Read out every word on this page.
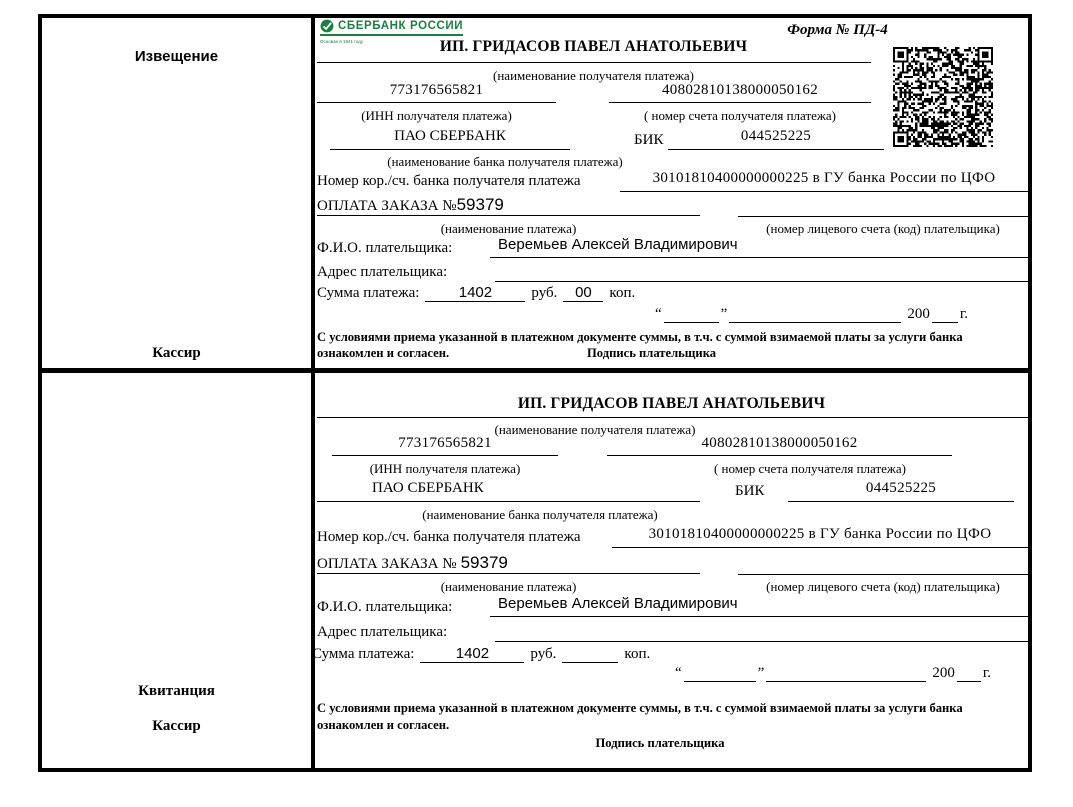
Извещение
Кассир
СБЕРБАНК РОССИИ
Основан в 1841 году
Форма № ПД-4
ИП. ГРИДАСОВ ПАВЕЛ АНАТОЛЬЕВИЧ
(наименование получателя платежа)
773176565821	40802810138000050162
(ИНН получателя платежа)	( номер счета получателя платежа)
ПАО СБЕРБАНК	БИК	044525225
(наименование банка получателя платежа)
Номер кор./сч. банка получателя платежа	30101810400000000225 в ГУ банка России по ЦФО
ОПЛАТА ЗАКАЗА №59379
(наименование платежа)	(номер лицевого счета (код) плательщика)
Ф.И.О. плательщика:	Веремьев Алексей Владимирович
Адрес плательщика:
Сумма платежа:	1402	руб.	00	коп.
“	”	200 г.
С условиями приема указанной в платежном документе суммы, в т.ч. с суммой взимаемой платы за услуги банка
ознакомлен и согласен.	Подпись плательщика
Квитанция
Кассир
ИП. ГРИДАСОВ ПАВЕЛ АНАТОЛЬЕВИЧ
(наименование получателя платежа)
773176565821	40802810138000050162
(ИНН получателя платежа)	( номер счета получателя платежа)
ПАО СБЕРБАНК	БИК	044525225
(наименование банка получателя платежа)
Номер кор./сч. банка получателя платежа	30101810400000000225 в ГУ банка России по ЦФО
ОПЛАТА ЗАКАЗА № 59379
(наименование платежа)	(номер лицевого счета (код) плательщика)
Ф.И.О. плательщика:	Веремьев Алексей Владимирович
Адрес плательщика:
Сумма платежа:	1402	руб.	коп.
“	”	200 г.
С условиями приема указанной в платежном документе суммы, в т.ч. с суммой взимаемой платы за услуги банка
ознакомлен и согласен.
Подпись плательщика
